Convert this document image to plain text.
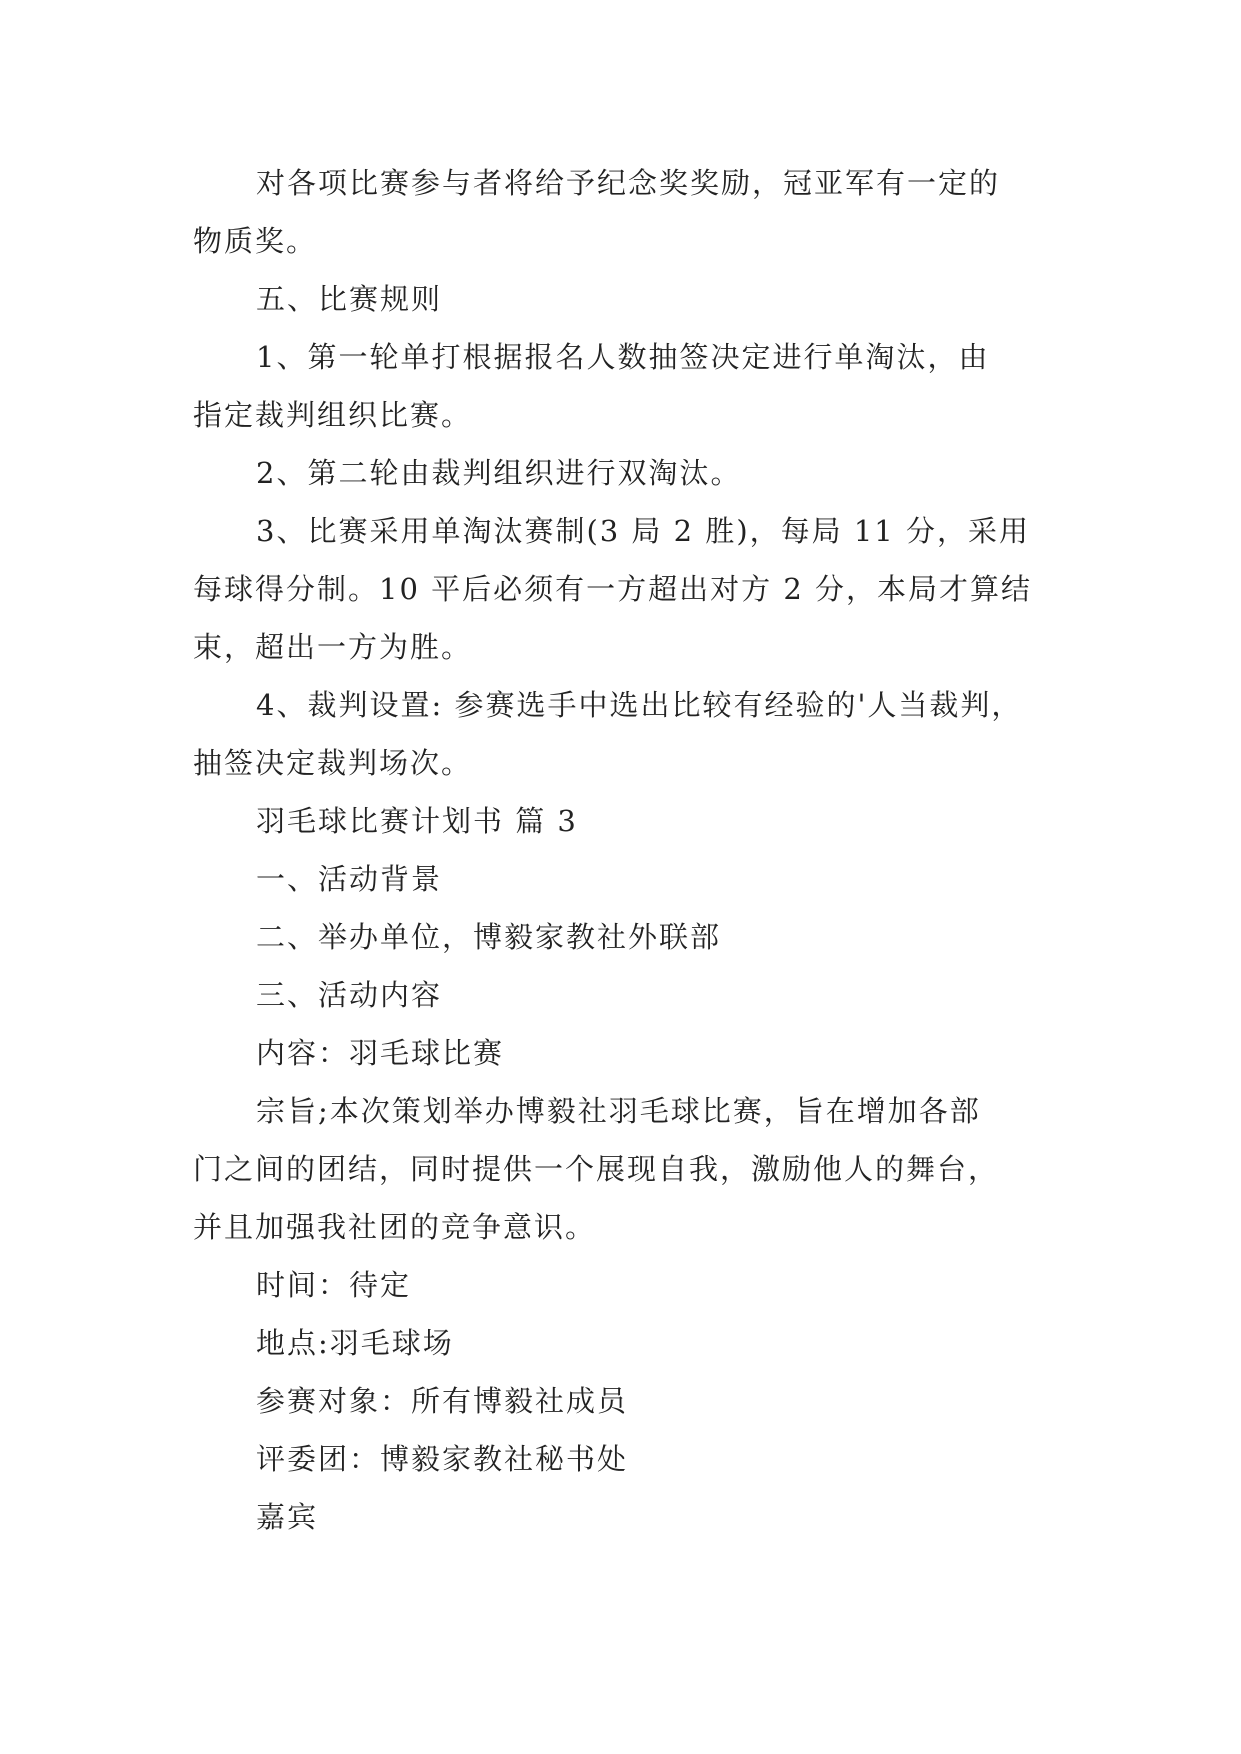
对各项比赛参与者将给予纪念奖奖励，冠亚军有一定的
物质奖。
五、比赛规则
1、第一轮单打根据报名人数抽签决定进行单淘汰，由
指定裁判组织比赛。
2、第二轮由裁判组织进行双淘汰。
3、比赛采用单淘汰赛制(3 局 2 胜)，每局 11 分，采用
每球得分制。10 平后必须有一方超出对方 2 分，本局才算结
束，超出一方为胜。
4、裁判设置: 参赛选手中选出比较有经验的'人当裁判，
抽签决定裁判场次。
羽毛球比赛计划书 篇 3
一、活动背景
二、举办单位，博毅家教社外联部
三、活动内容
内容：羽毛球比赛
宗旨;本次策划举办博毅社羽毛球比赛，旨在增加各部
门之间的团结，同时提供一个展现自我，激励他人的舞台，
并且加强我社团的竞争意识。
时间：待定
地点:羽毛球场
参赛对象：所有博毅社成员
评委团：博毅家教社秘书处
嘉宾
